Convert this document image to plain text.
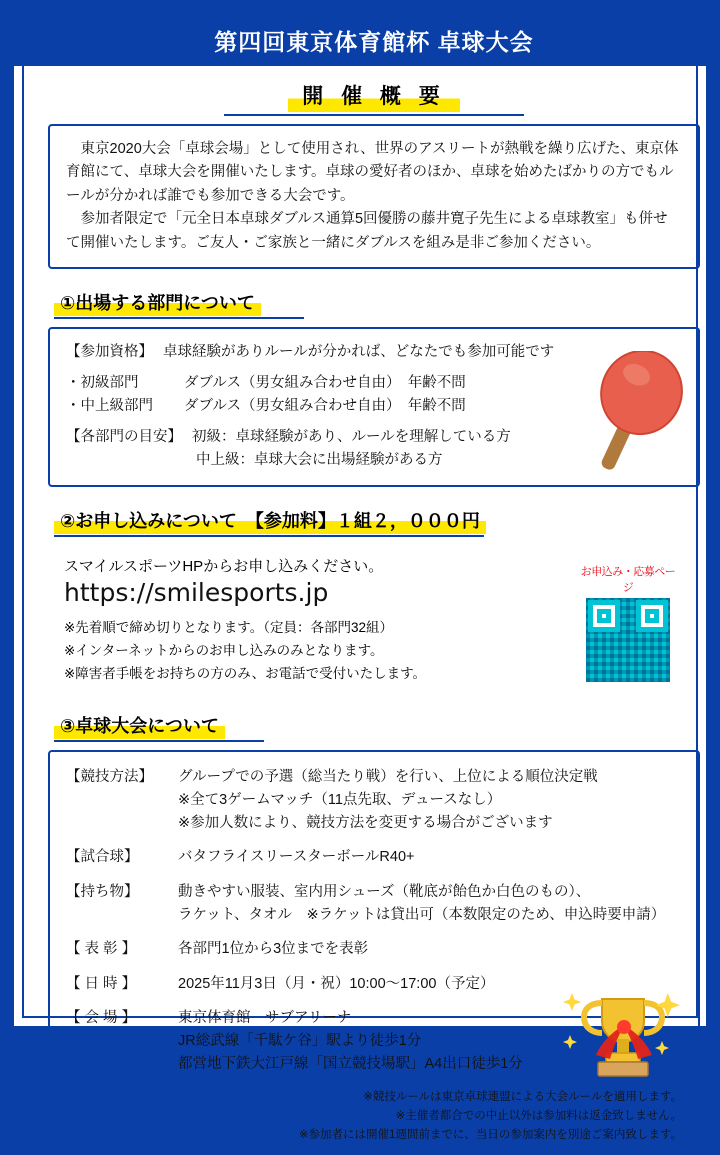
第四回東京体育館杯 卓球大会
開 催 概 要

東京2020大会「卓球会場」として使用され、世界のアスリートが熱戦を繰り広げた、東京体育館にて、卓球大会を開催いたします。卓球の愛好者のほか、卓球を始めたばかりの方でもルールが分かれば誰でも参加できる大会です。

参加者限定で「元全日本卓球ダブルス通算5回優勝の藤井寛子先生による卓球教室」も併せて開催いたします。ご友人・ご家族と一緒にダブルスを組み是非ご参加ください。

①出場する部門について
【参加資格】 卓球経験がありルールが分かれば、どなたでも参加可能です
・初級部門	ダブルス（男女組み合わせ自由）　年齢不問
・中上級部門	ダブルス（男女組み合わせ自由）　年齢不問
【各部門の目安】 初級：卓球経験があり、ルールを理解している方
中上級：卓球大会に出場経験がある方
②お申し込みについて　【参加料】１組２，０００円
お申込み・応募ページ

スマイルスポーツHPからお申し込みください。

https://smilesports.jp

※先着順で締め切りとなります。（定員：各部門32組）

※インターネットからのお申し込みのみとなります。

※障害者手帳をお持ちの方のみ、お電話で受付いたします。

③卓球大会について
【競技方法】	グループでの予選（総当たり戦）を行い、上位による順位決定戦
※全て3ゲームマッチ（11点先取、デュースなし）
※参加人数により、競技方法を変更する場合がございます
【試合球】	バタフライスリースターボールR40+
【持ち物】	動きやすい服装、室内用シューズ（靴底が飴色か白色のもの）、
ラケット、タオル　※ラケットは貸出可（本数限定のため、申込時要申請）
【 表 彰 】	各部門1位から3位までを表彰
【 日 時 】	2025年11月3日（月・祝）10:00〜17:00（予定）
【 会 場 】	東京体育館　サブアリーナ
JR総武線「千駄ケ谷」駅より徒歩1分
都営地下鉄大江戸線「国立競技場駅」A4出口徒歩1分
※競技ルールは東京卓球連盟による大会ルールを適用します。
※主催者都合での中止以外は参加料は返金致しません。
※参加者には開催1週間前までに、当日の参加案内を別途ご案内致します。
